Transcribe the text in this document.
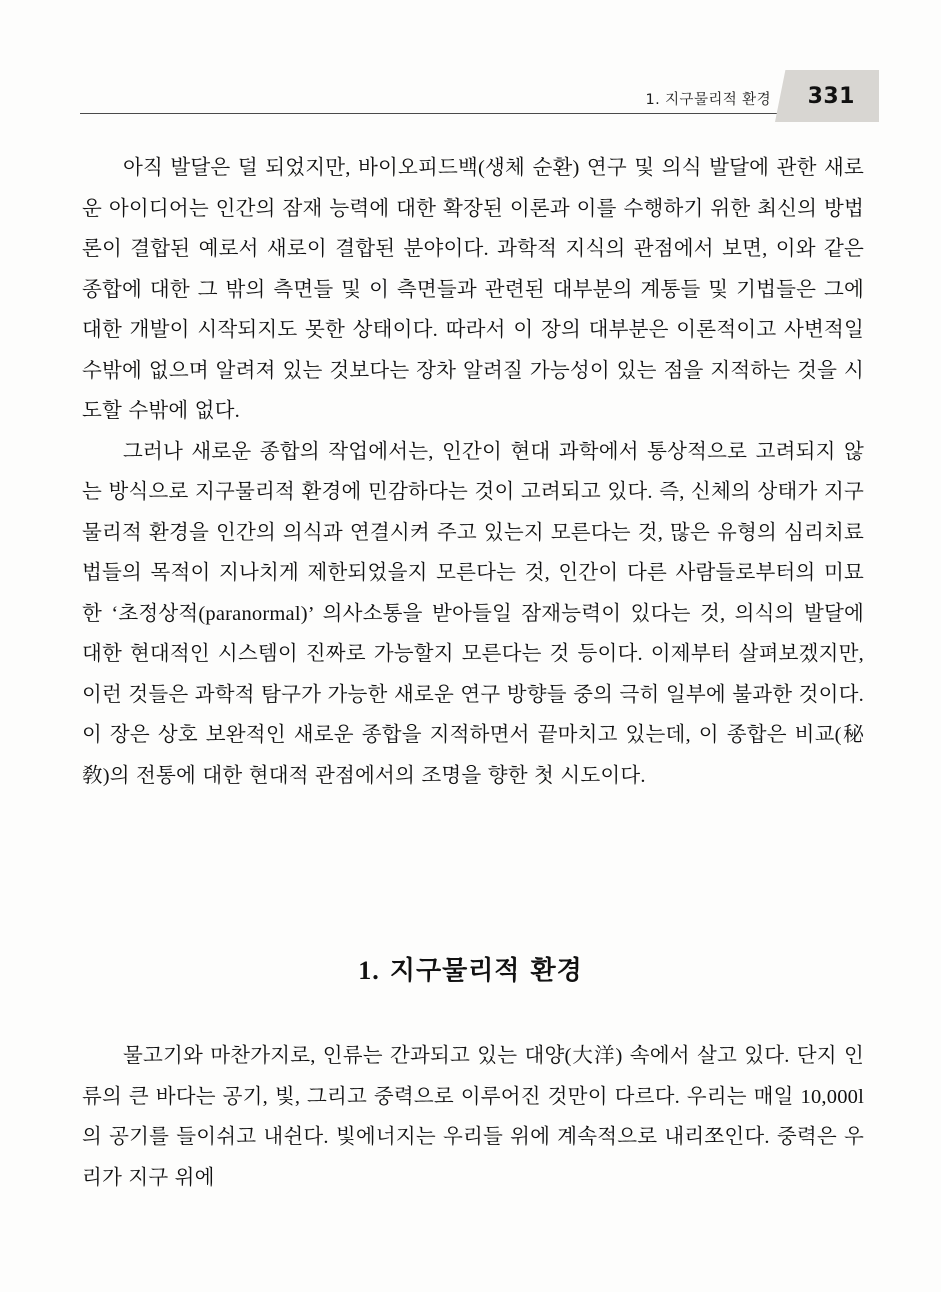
1. 지구물리적 환경 331

아직 발달은 덜 되었지만, 바이오피드백(생체 순환) 연구 및 의식 발달에 관한 새로운 아이디어는 인간의 잠재 능력에 대한 확장된 이론과 이를 수행하기 위한 최신의 방법론이 결합된 예로서 새로이 결합된 분야이다. 과학적 지식의 관점에서 보면, 이와 같은 종합에 대한 그 밖의 측면들 및 이 측면들과 관련된 대부분의 계통들 및 기법들은 그에 대한 개발이 시작되지도 못한 상태이다. 따라서 이 장의 대부분은 이론적이고 사변적일 수밖에 없으며 알려져 있는 것보다는 장차 알려질 가능성이 있는 점을 지적하는 것을 시도할 수밖에 없다.

그러나 새로운 종합의 작업에서는, 인간이 현대 과학에서 통상적으로 고려되지 않는 방식으로 지구물리적 환경에 민감하다는 것이 고려되고 있다. 즉, 신체의 상태가 지구물리적 환경을 인간의 의식과 연결시켜 주고 있는지 모른다는 것, 많은 유형의 심리치료법들의 목적이 지나치게 제한되었을지 모른다는 것, 인간이 다른 사람들로부터의 미묘한 ‘초정상적(paranormal)’ 의사소통을 받아들일 잠재능력이 있다는 것, 의식의 발달에 대한 현대적인 시스템이 진짜로 가능할지 모른다는 것 등이다. 이제부터 살펴보겠지만, 이런 것들은 과학적 탐구가 가능한 새로운 연구 방향들 중의 극히 일부에 불과한 것이다. 이 장은 상호 보완적인 새로운 종합을 지적하면서 끝마치고 있는데, 이 종합은 비교(秘敎)의 전통에 대한 현대적 관점에서의 조명을 향한 첫 시도이다.

1. 지구물리적 환경

물고기와 마찬가지로, 인류는 간과되고 있는 대양(大洋) 속에서 살고 있다. 단지 인류의 큰 바다는 공기, 빛, 그리고 중력으로 이루어진 것만이 다르다. 우리는 매일 10,000l의 공기를 들이쉬고 내쉰다. 빛에너지는 우리들 위에 계속적으로 내리쪼인다. 중력은 우리가 지구 위에
